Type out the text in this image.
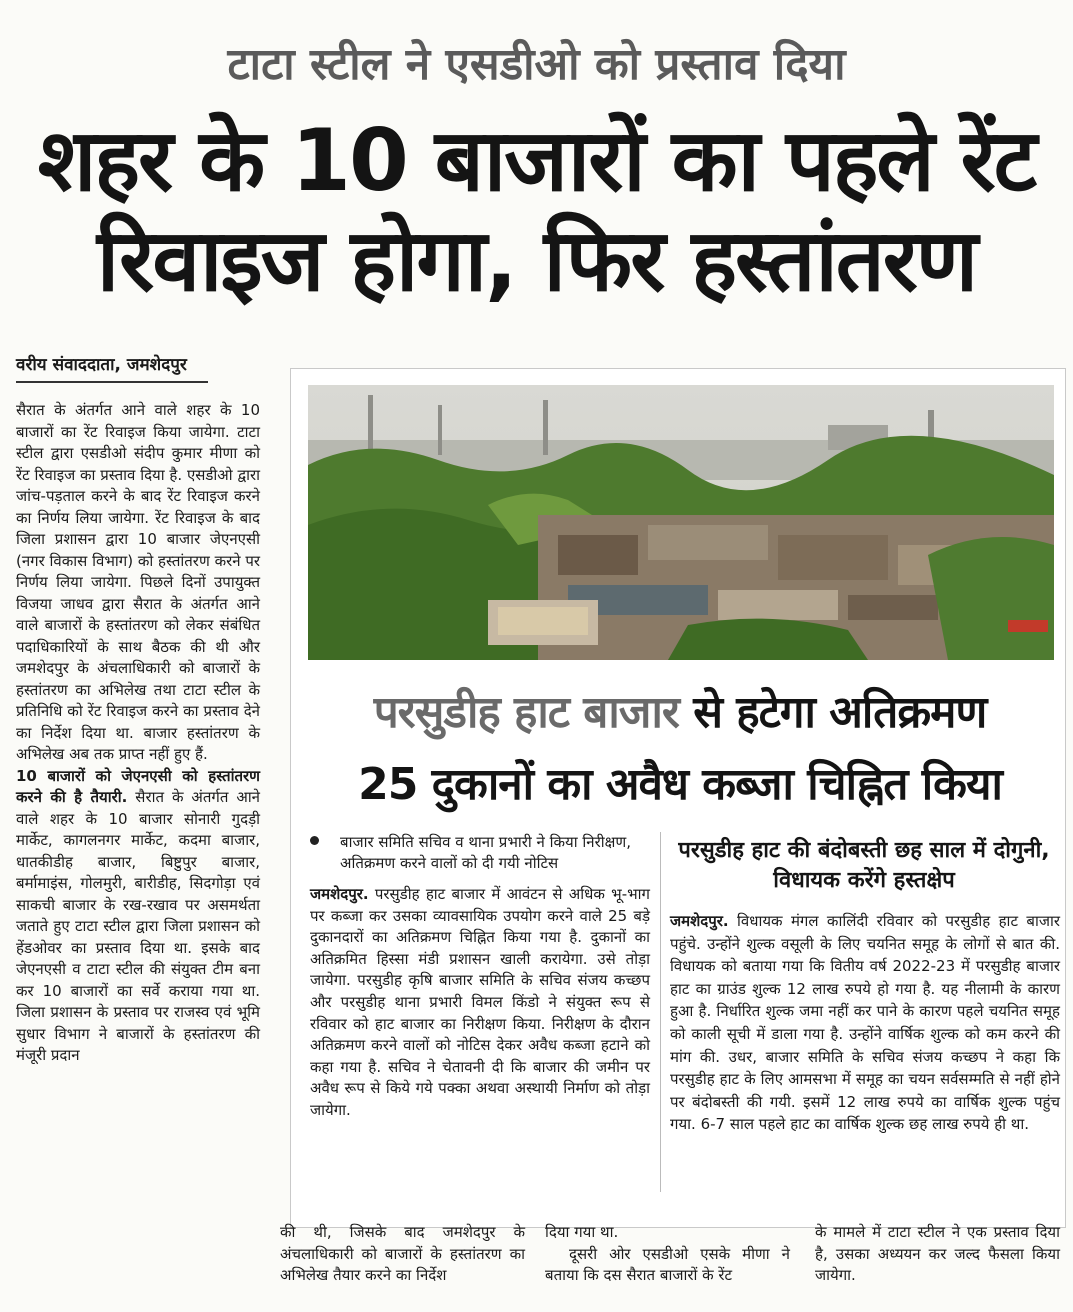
टाटा स्टील ने एसडीओ को प्रस्ताव दिया
शहर के 10 बाजारों का पहले रेंट
रिवाइज होगा, फिर हस्तांतरण
वरीय संवाददाता, जमशेदपुर

सैरात के अंतर्गत आने वाले शहर के 10 बाजारों का रेंट रिवाइज किया जायेगा. टाटा स्टील द्वारा एसडीओ संदीप कुमार मीणा को रेंट रिवाइज का प्रस्ताव दिया है. एसडीओ द्वारा जांच-पड़ताल करने के बाद रेंट रिवाइज करने का निर्णय लिया जायेगा. रेंट रिवाइज के बाद जिला प्रशासन द्वारा 10 बाजार जेएनएसी (नगर विकास विभाग) को हस्तांतरण करने पर निर्णय लिया जायेगा. पिछले दिनों उपायुक्त विजया जाधव द्वारा सैरात के अंतर्गत आने वाले बाजारों के हस्तांतरण को लेकर संबंधित पदाधिकारियों के साथ बैठक की थी और जमशेदपुर के अंचलाधिकारी को बाजारों के हस्तांतरण का अभिलेख तथा टाटा स्टील के प्रतिनिधि को रेंट रिवाइज करने का प्रस्ताव देने का निर्देश दिया था. बाजार हस्तांतरण के अभिलेख अब तक प्राप्त नहीं हुए हैं.

10 बाजारों को जेएनएसी को हस्तांतरण करने की है तैयारी. सैरात के अंतर्गत आने वाले शहर के 10 बाजार सोनारी गुदड़ी मार्केट, कागलनगर मार्केट, कदमा बाजार, धातकीडीह बाजार, बिष्टुपुर बाजार, बर्मामाइंस, गोलमुरी, बारीडीह, सिदगोड़ा एवं साकची बाजार के रख-रखाव पर असमर्थता जताते हुए टाटा स्टील द्वारा जिला प्रशासन को हेंडओवर का प्रस्ताव दिया था. इसके बाद जेएनएसी व टाटा स्टील की संयुक्त टीम बना कर 10 बाजारों का सर्वे कराया गया था. जिला प्रशासन के प्रस्ताव पर राजस्व एवं भूमि सुधार विभाग ने बाजारों के हस्तांतरण की मंजूरी प्रदान

परसुडीह हाट बाजार से हटेगा अतिक्रमण
25 दुकानों का अवैध कब्जा चिह्नित किया
बाजार समिति सचिव व थाना प्रभारी ने किया निरीक्षण, अतिक्रमण करने वालों को दी गयी नोटिस

जमशेदपुर. परसुडीह हाट बाजार में आवंटन से अधिक भू-भाग पर कब्जा कर उसका व्यावसायिक उपयोग करने वाले 25 बड़े दुकानदारों का अतिक्रमण चिह्नित किया गया है. दुकानों का अतिक्रमित हिस्सा मंडी प्रशासन खाली करायेगा. उसे तोड़ा जायेगा. परसुडीह कृषि बाजार समिति के सचिव संजय कच्छप और परसुडीह थाना प्रभारी विमल किंडो ने संयुक्त रूप से रविवार को हाट बाजार का निरीक्षण किया. निरीक्षण के दौरान अतिक्रमण करने वालों को नोटिस देकर अवैध कब्जा हटाने को कहा गया है. सचिव ने चेतावनी दी कि बाजार की जमीन पर अवैध रूप से किये गये पक्का अथवा अस्थायी निर्माण को तोड़ा जायेगा.

परसुडीह हाट की बंदोबस्ती छह साल में दोगुनी, विधायक करेंगे हस्तक्षेप

जमशेदपुर. विधायक मंगल कालिंदी रविवार को परसुडीह हाट बाजार पहुंचे. उन्होंने शुल्क वसूली के लिए चयनित समूह के लोगों से बात की. विधायक को बताया गया कि वितीय वर्ष 2022-23 में परसुडीह बाजार हाट का ग्राउंड शुल्क 12 लाख रुपये हो गया है. यह नीलामी के कारण हुआ है. निर्धारित शुल्क जमा नहीं कर पाने के कारण पहले चयनित समूह को काली सूची में डाला गया है. उन्होंने वार्षिक शुल्क को कम करने की मांग की. उधर, बाजार समिति के सचिव संजय कच्छप ने कहा कि परसुडीह हाट के लिए आमसभा में समूह का चयन सर्वसम्मति से नहीं होने पर बंदोबस्ती की गयी. इसमें 12 लाख रुपये का वार्षिक शुल्क पहुंच गया. 6-7 साल पहले हाट का वार्षिक शुल्क छह लाख रुपये ही था.

की थी, जिसके बाद जमशेदपुर के अंचलाधिकारी को बाजारों के हस्तांतरण का अभिलेख तैयार करने का निर्देश
दिया गया था.
दूसरी ओर एसडीओ एसके मीणा ने बताया कि दस सैरात बाजारों के रेंट
के मामले में टाटा स्टील ने एक प्रस्ताव दिया है, उसका अध्ययन कर जल्द फैसला किया जायेगा.
